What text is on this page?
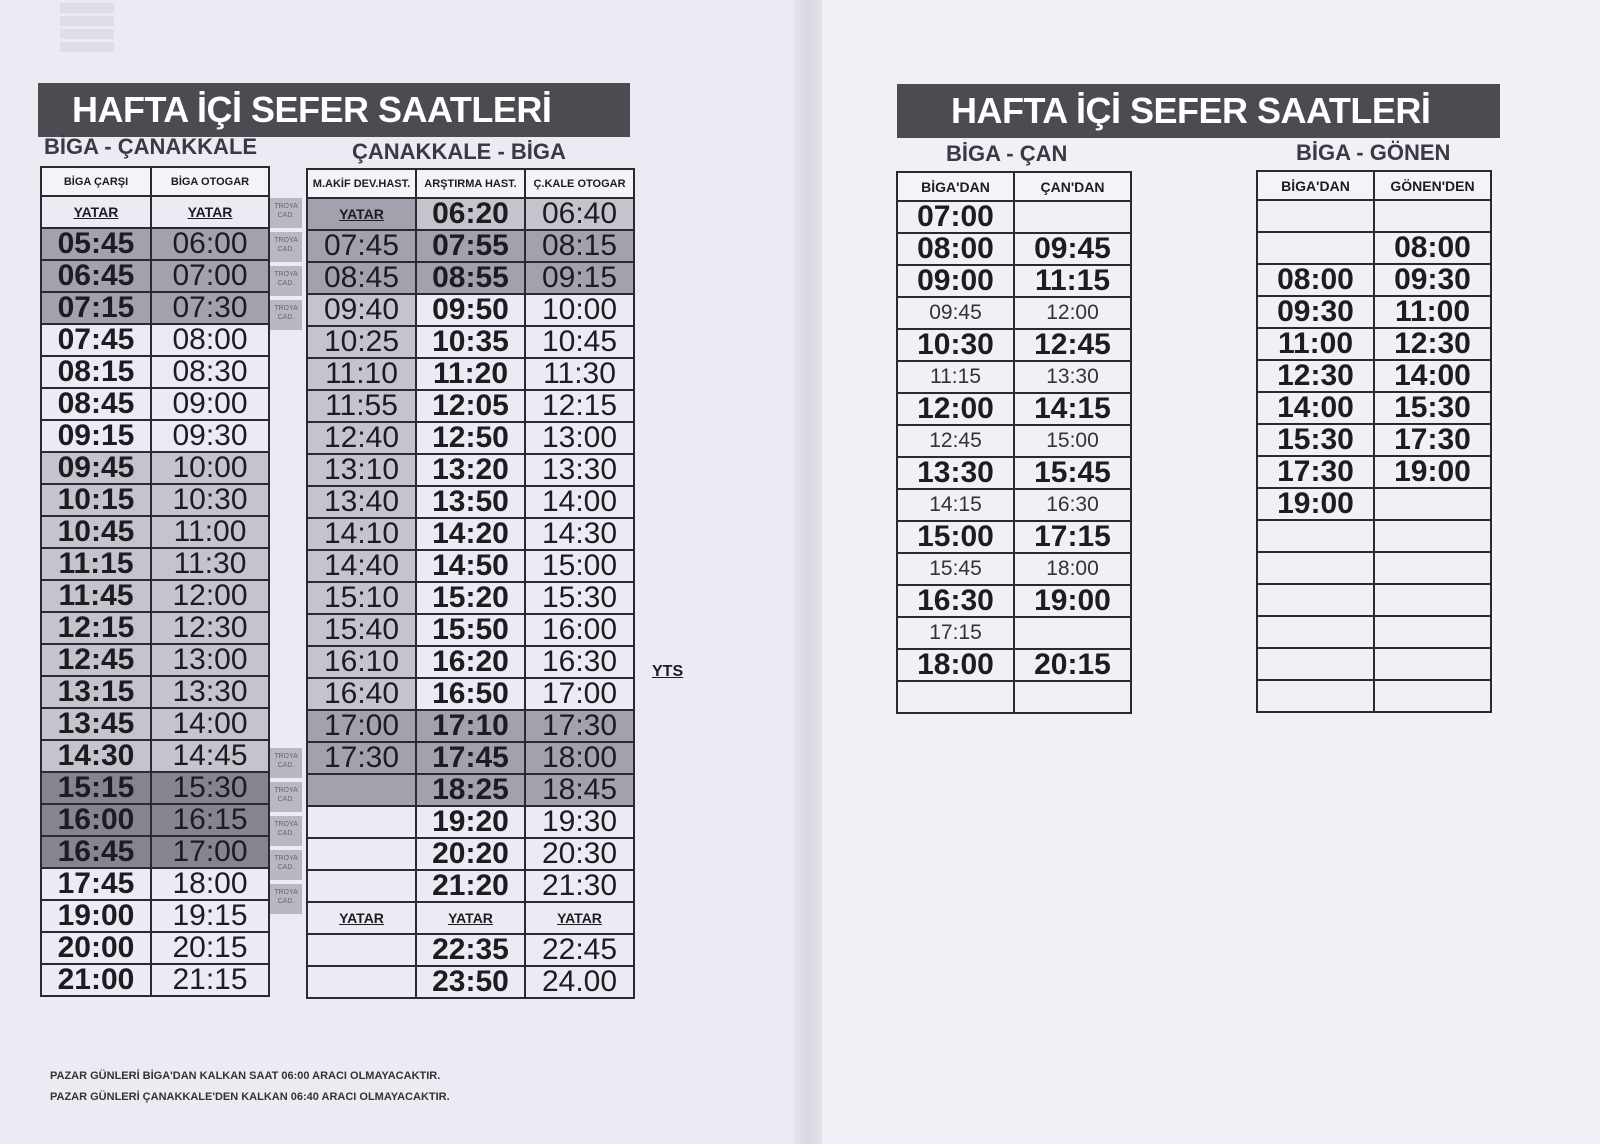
HAFTA İÇİ SEFER SAATLERİ
BİGA - ÇANAKKALE	ÇANAKKALE - BİGA
BİGA ÇARŞI	BİGA OTOGAR
YATAR	YATAR
05:45	06:00
06:45	07:00
07:15	07:30
07:45	08:00
08:15	08:30
08:45	09:00
09:15	09:30
09:45	10:00
10:15	10:30
10:45	11:00
11:15	11:30
11:45	12:00
12:15	12:30
12:45	13:00
13:15	13:30
13:45	14:00
14:30	14:45
15:15	15:30
16:00	16:15
16:45	17:00
17:45	18:00
19:00	19:15
20:00	20:15
21:00	21:15
TROYA CAD.
TROYA CAD.
TROYA CAD.
TROYA CAD.
TROYA CAD.
TROYA CAD.
TROYA CAD.
TROYA CAD.
TROYA CAD.
M.AKİF DEV.HAST.	ARŞTIRMA HAST.	Ç.KALE OTOGAR
YATAR	06:20	06:40
07:45	07:55	08:15
08:45	08:55	09:15
09:40	09:50	10:00
10:25	10:35	10:45
11:10	11:20	11:30
11:55	12:05	12:15
12:40	12:50	13:00
13:10	13:20	13:30
13:40	13:50	14:00
14:10	14:20	14:30
14:40	14:50	15:00
15:10	15:20	15:30
15:40	15:50	16:00
16:10	16:20	16:30
16:40	16:50	17:00
17:00	17:10	17:30
17:30	17:45	18:00
	18:25	18:45
	19:20	19:30
	20:20	20:30
	21:20	21:30
YATAR	YATAR	YATAR
	22:35	22:45
	23:50	24.00
YTS
PAZAR GÜNLERİ BİGA'DAN KALKAN SAAT 06:00 ARACI OLMAYACAKTIR.
PAZAR GÜNLERİ ÇANAKKALE'DEN KALKAN 06:40 ARACI OLMAYACAKTIR.
HAFTA İÇİ SEFER SAATLERİ
BİGA - ÇAN	BİGA - GÖNEN
BİGA'DAN	ÇAN'DAN
07:00	
08:00	09:45
09:00	11:15
09:45	12:00
10:30	12:45
11:15	13:30
12:00	14:15
12:45	15:00
13:30	15:45
14:15	16:30
15:00	17:15
15:45	18:00
16:30	19:00
17:15	
18:00	20:15

BİGA'DAN	GÖNEN'DEN

	08:00
08:00	09:30
09:30	11:00
11:00	12:30
12:30	14:00
14:00	15:30
15:30	17:30
17:30	19:00
19:00	
